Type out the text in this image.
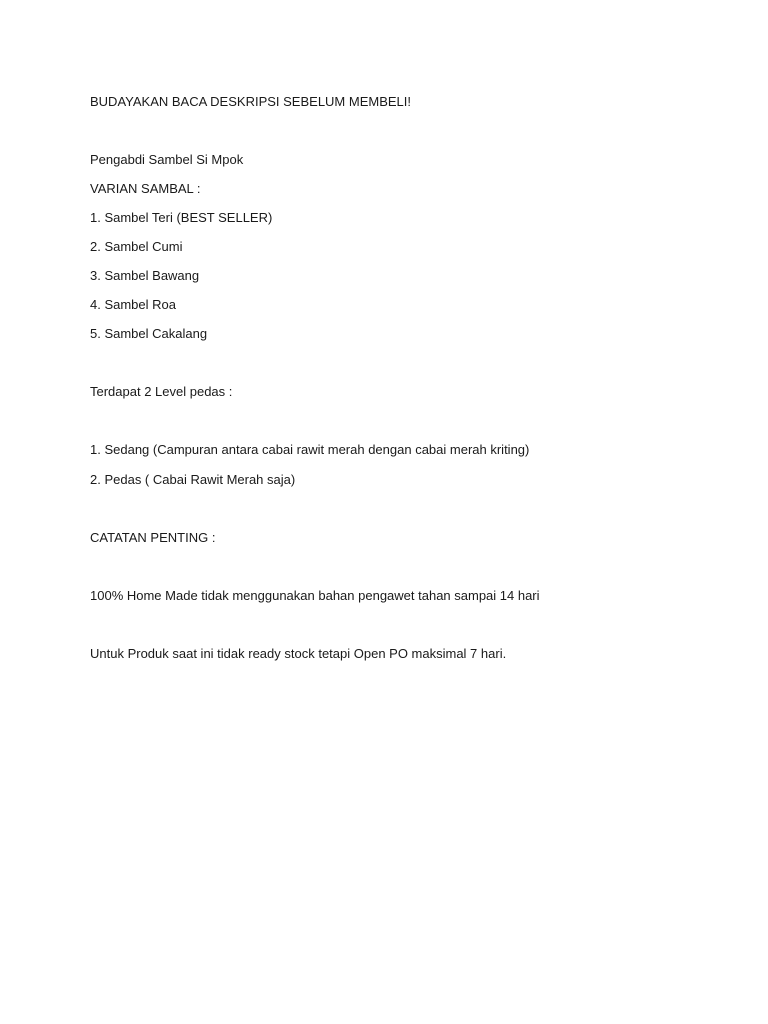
BUDAYAKAN BACA DESKRIPSI SEBELUM MEMBELI!
Pengabdi Sambel Si Mpok
VARIAN SAMBAL :
1. Sambel Teri (BEST SELLER)
2. Sambel Cumi
3. Sambel Bawang
4. Sambel Roa
5. Sambel Cakalang
Terdapat 2 Level pedas :
1. Sedang (Campuran antara cabai rawit merah dengan cabai merah kriting)
2. Pedas ( Cabai Rawit Merah saja)
CATATAN PENTING :
100% Home Made tidak menggunakan bahan pengawet tahan sampai 14 hari
Untuk Produk saat ini tidak ready stock tetapi Open PO maksimal 7 hari.
